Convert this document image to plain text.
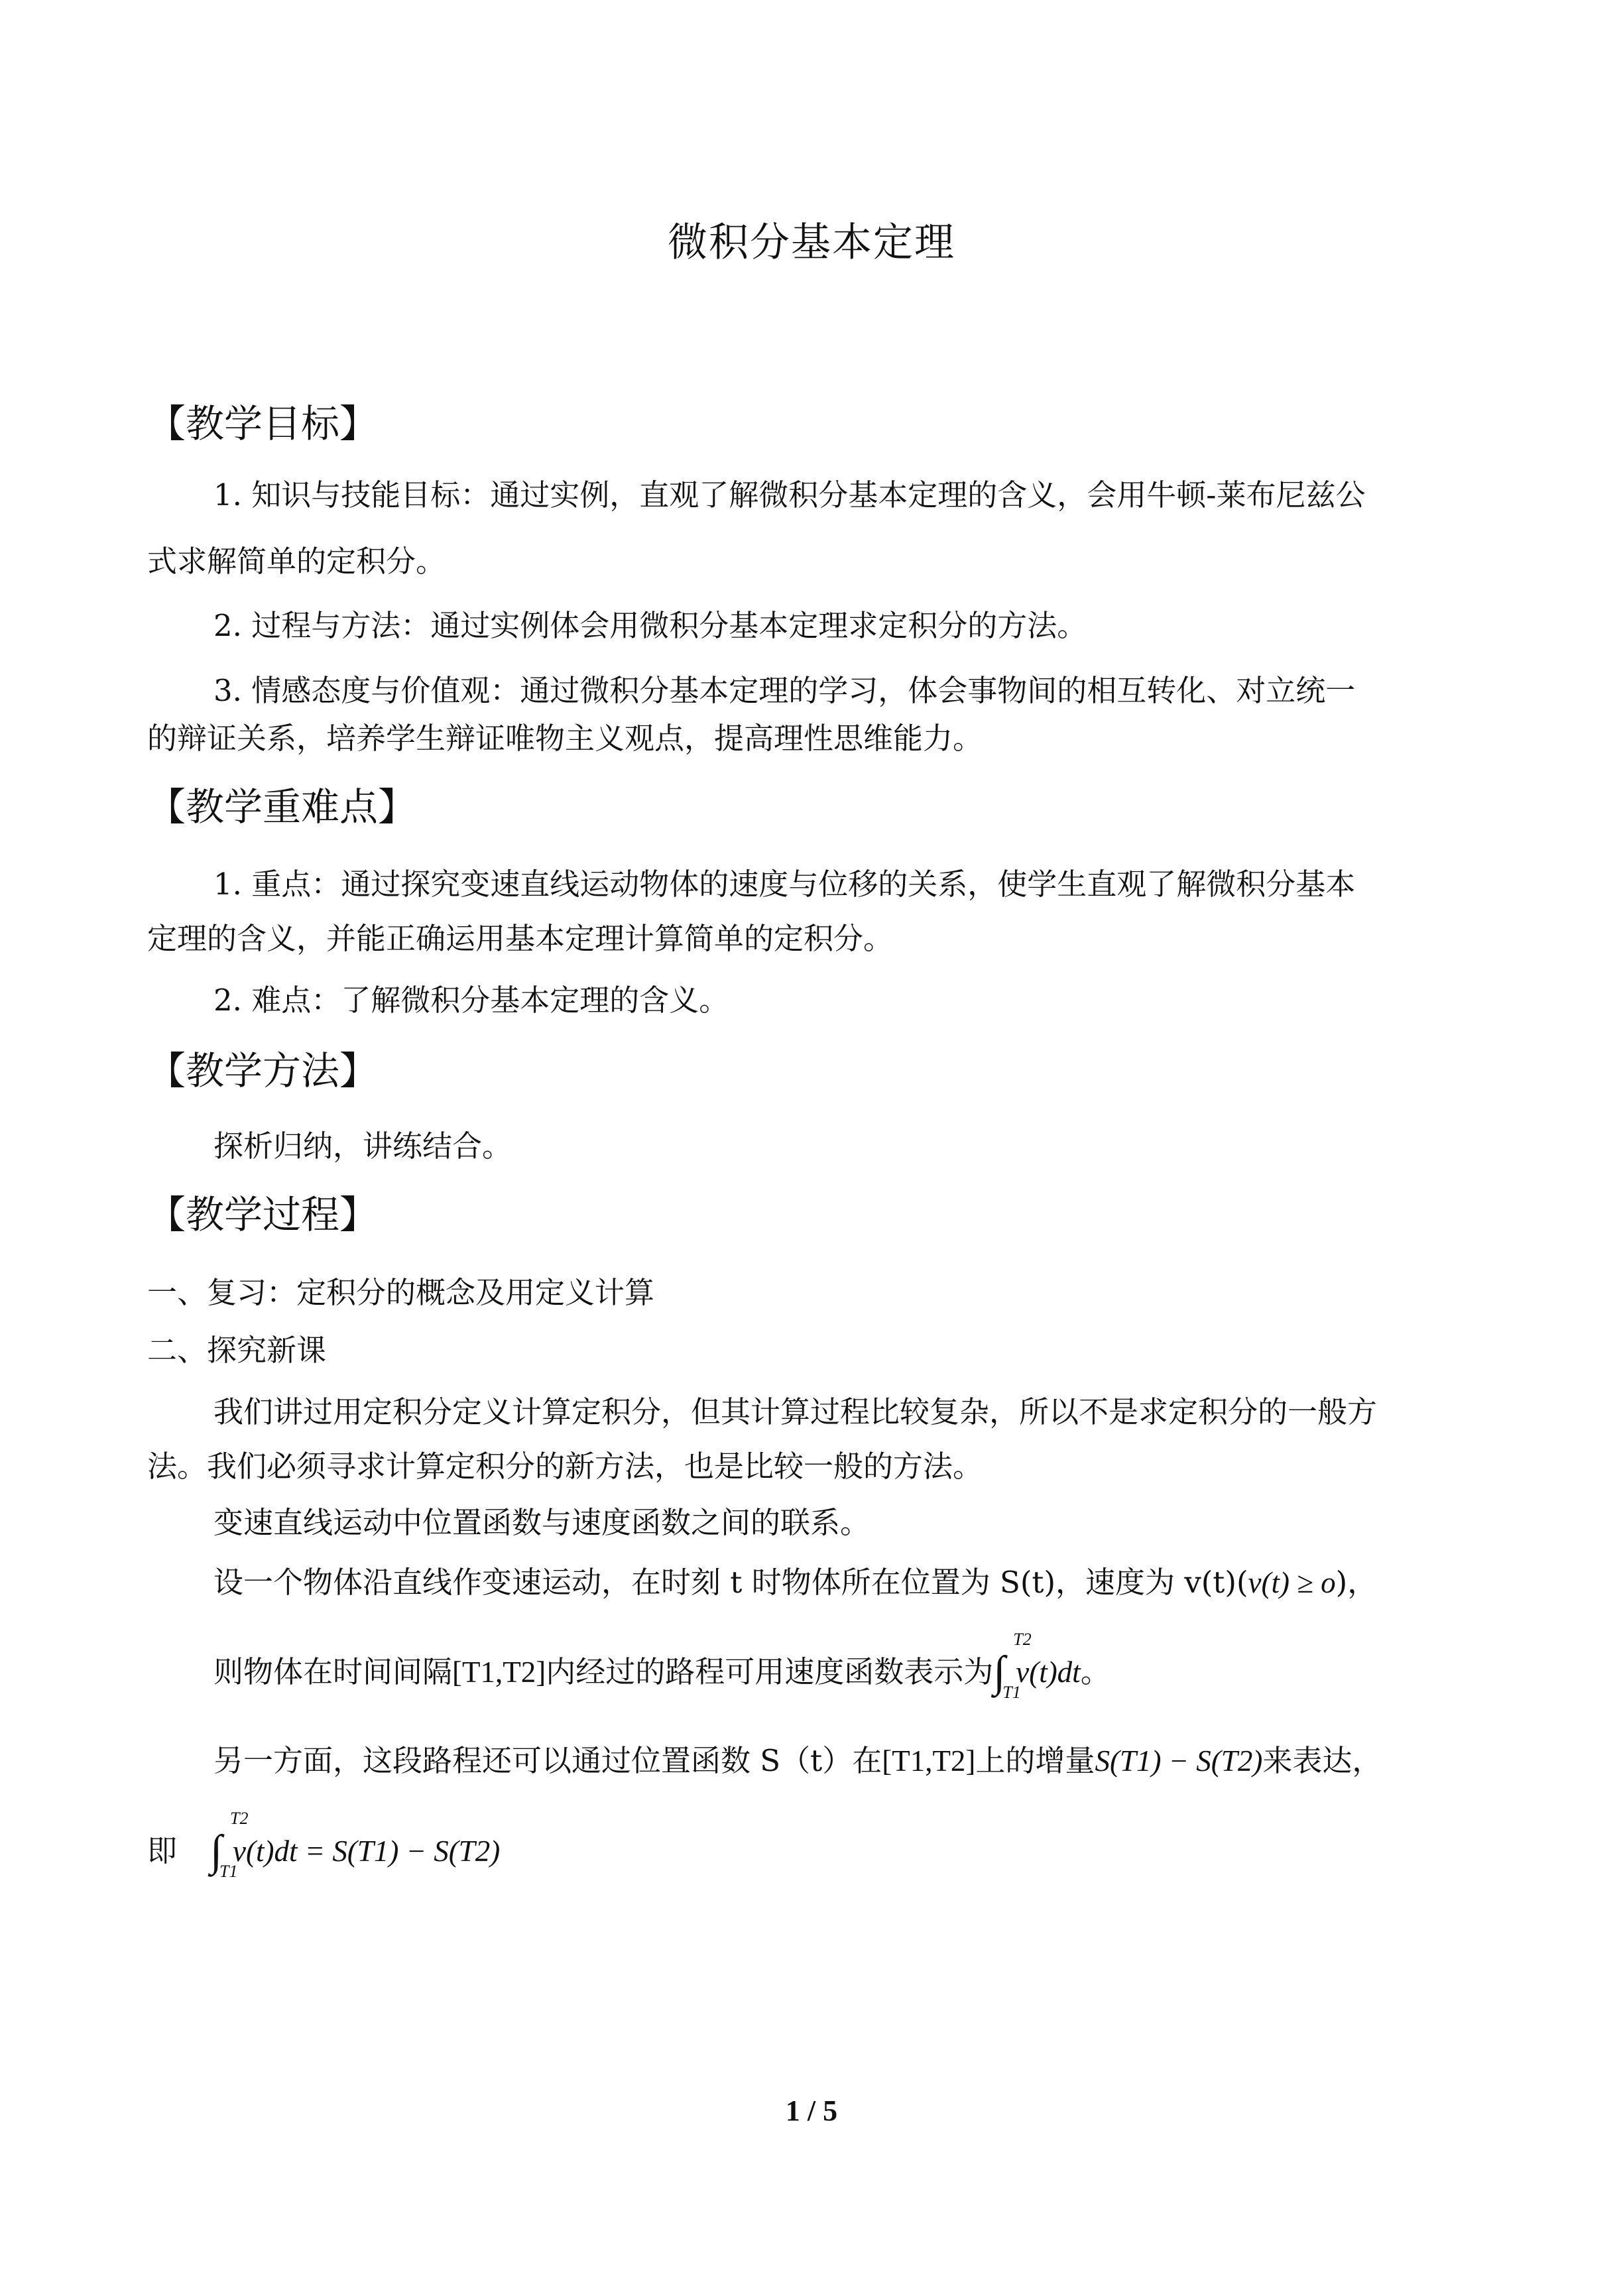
微积分基本定理
【教学目标】
1. 知识与技能目标：通过实例，直观了解微积分基本定理的含义，会用牛顿-莱布尼兹公
式求解简单的定积分。
2. 过程与方法：通过实例体会用微积分基本定理求定积分的方法。
3. 情感态度与价值观：通过微积分基本定理的学习，体会事物间的相互转化、对立统一
的辩证关系，培养学生辩证唯物主义观点，提高理性思维能力。
【教学重难点】
1. 重点：通过探究变速直线运动物体的速度与位移的关系，使学生直观了解微积分基本
定理的含义，并能正确运用基本定理计算简单的定积分。
2. 难点：了解微积分基本定理的含义。
【教学方法】
探析归纳，讲练结合。
【教学过程】
一、复习：定积分的概念及用定义计算
二、探究新课
我们讲过用定积分定义计算定积分，但其计算过程比较复杂，所以不是求定积分的一般方
法。我们必须寻求计算定积分的新方法，也是比较一般的方法。
变速直线运动中位置函数与速度函数之间的联系。
设一个物体沿直线作变速运动，在时刻 t 时物体所在位置为 S(t)，速度为 v(t)(v(t) ≥ o)，
则物体在时间间隔[T1,T2]内经过的路程可用速度函数表示为∫
T2
T1
v(t)dt。
另一方面，这段路程还可以通过位置函数 S（t）在[T1,T2]上的增量S(T1) − S(T2)来表达，
即 ∫
T2
T1
v(t)dt = S(T1) − S(T2)
1 / 5
